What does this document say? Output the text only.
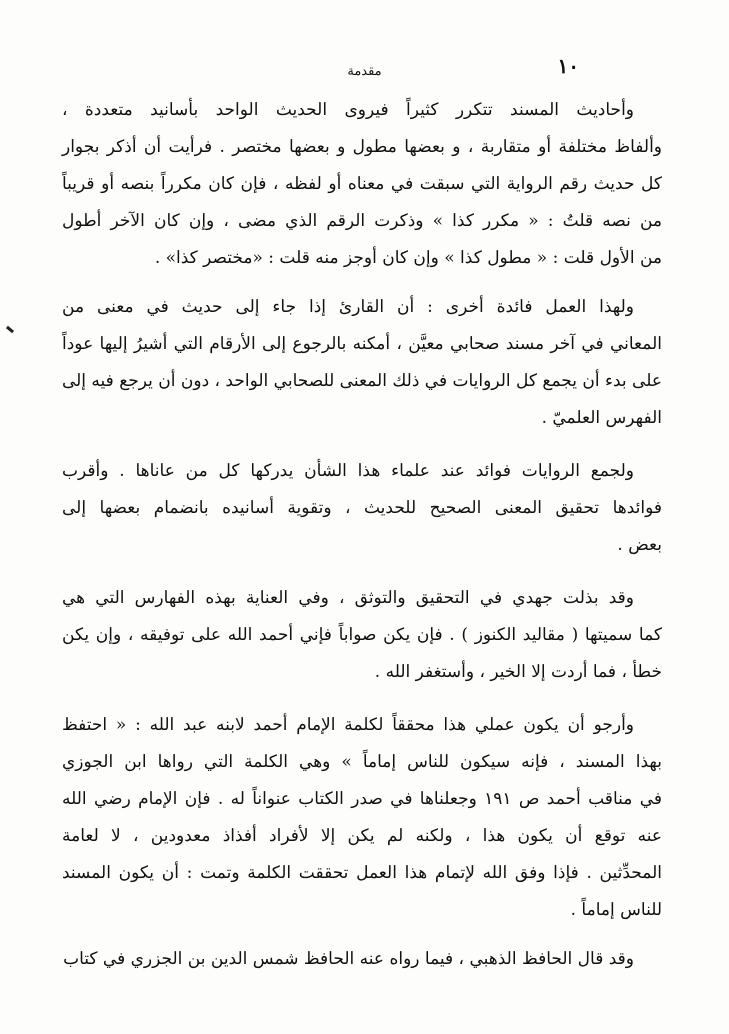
١٠
مقدمة
وأحاديث المسند تتكرر كثيراً فيروى الحديث الواحد بأسانيد متعددة ،
وألفاظ مختلفة أو متقاربة ، و بعضها مطول و بعضها مختصر . فرأيت أن أذكر بجوار
كل حديث رقم الرواية التي سبقت في معناه أو لفظه ، فإن كان مكرراً بنصه أو قريباً
من نصه قلتُ : « مكرر كذا » وذكرت الرقم الذي مضى ، وإن كان الآخر أطول
من الأول قلت : « مطول كذا » وإن كان أوجز منه قلت : «مختصر كذا» .
ولهذا العمل فائدة أخرى : أن القارئ إذا جاء إلى حديث في معنى من
المعاني في آخر مسند صحابي معيَّن ، أمكنه بالرجوع إلى الأرقام التي أشيرُ إليها عوداً
على بدء أن يجمع كل الروايات في ذلك المعنى للصحابي الواحد ، دون أن يرجع فيه إلى
الفهرس العلميّ .
ولجمع الروايات فوائد عند علماء هذا الشأن يدركها كل من عاناها . وأقرب
فوائدها تحقيق المعنى الصحيح للحديث ، وتقوية أسانيده بانضمام بعضها إلى
بعض .
وقد بذلت جهدي في التحقيق والتوثق ، وفي العناية بهذه الفهارس التي هي
كما سميتها ( مقاليد الكنوز ) . فإن يكن صواباً فإني أحمد الله على توفيقه ، وإن يكن
خطأ ، فما أردت إلا الخير ، وأستغفر الله .
وأرجو أن يكون عملي هذا محققاً لكلمة الإمام أحمد لابنه عبد الله : « احتفظ
بهذا المسند ، فإنه سيكون للناس إماماً » وهي الكلمة التي رواها ابن الجوزي
في مناقب أحمد ص ١٩١ وجعلناها في صدر الكتاب عنواناً له . فإن الإمام رضي الله
عنه توقع أن يكون هذا ، ولكنه لم يكن إلا لأفراد أفذاذ معدودين ، لا لعامة
المحدِّثين . فإذا وفق الله لإتمام هذا العمل تحققت الكلمة وتمت : أن يكون المسند
للناس إماماً .
وقد قال الحافظ الذهبي ، فيما رواه عنه الحافظ شمس الدين بن الجزري في كتاب
